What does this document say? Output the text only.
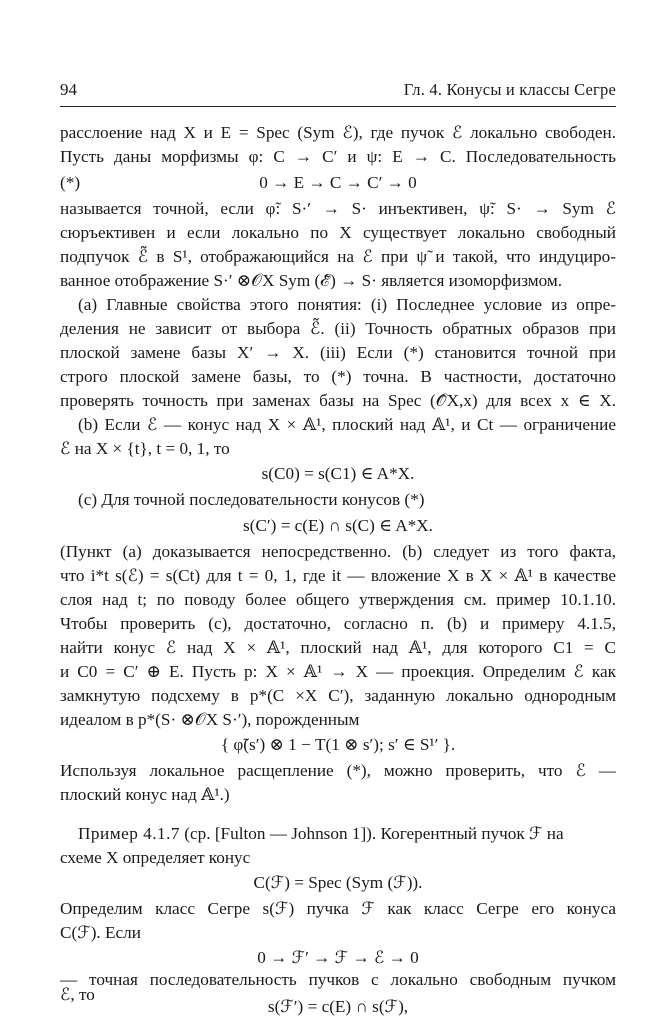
94	Гл. 4. Конусы и классы Сегре
расслоение над X и E = Spec (Sym ℰ), где пучок ℰ локально свободен.
Пусть даны морфизмы φ: C → C′ и ψ: E → C. Последовательность
(*)	0 → E → C → C′ → 0
называется точной, если φ̃: S·′ → S· инъективен, ψ̃: S· → Sym ℰ
сюръективен и если локально по X существует локально свободный
подпучок ℰ̃ в S¹, отображающийся на ℰ при ψ̃ и такой, что индуциро-
ванное отображение S·′ ⊗𝒪X Sym (ℰ̃) → S· является изоморфизмом.
(a) Главные свойства этого понятия: (i) Последнее условие из опре-
деления не зависит от выбора ℰ̃. (ii) Точность обратных образов при
плоской замене базы X′ → X. (iii) Если (*) становится точной при
строго плоской замене базы, то (*) точна. В частности, достаточно
проверять точность при заменах базы на Spec (𝒪̂X,x) для всех x ∈ X.
(b) Если ℰ — конус над X × 𝔸¹, плоский над 𝔸¹, и Ct — ограничение
ℰ на X × {t}, t = 0, 1, то
s(C0) = s(C1) ∈ A*X.
(c) Для точной последовательности конусов (*)
s(C′) = c(E) ∩ s(C) ∈ A*X.
(Пункт (a) доказывается непосредственно. (b) следует из того факта,
что i*t s(ℰ) = s(Ct) для t = 0, 1, где it — вложение X в X × 𝔸¹ в качестве
слоя над t; по поводу более общего утверждения см. пример 10.1.10.
Чтобы проверить (c), достаточно, согласно п. (b) и примеру 4.1.5,
найти конус ℰ над X × 𝔸¹, плоский над 𝔸¹, для которого C1 = C
и C0 = C′ ⊕ E. Пусть p: X × 𝔸¹ → X — проекция. Определим ℰ как
замкнутую подсхему в p*(C ×X C′), заданную локально однородным
идеалом в p*(S· ⊗𝒪X S·′), порожденным
{ φ̃(s′) ⊗ 1 − T(1 ⊗ s′); s′ ∈ S¹′ }.
Используя локальное расщепление (*), можно проверить, что ℰ —
плоский конус над 𝔸¹.)
Пример 4.1.7 (ср. [Fulton — Johnson 1]). Когерентный пучок ℱ на
схеме X определяет конус
C(ℱ) = Spec (Sym (ℱ)).
Определим класс Сегре s(ℱ) пучка ℱ как класс Сегре его конуса
C(ℱ). Если
0 → ℱ′ → ℱ → ℰ → 0
— точная последовательность пучков с локально свободным пучком
ℰ, то
s(ℱ′) = c(E) ∩ s(ℱ),
